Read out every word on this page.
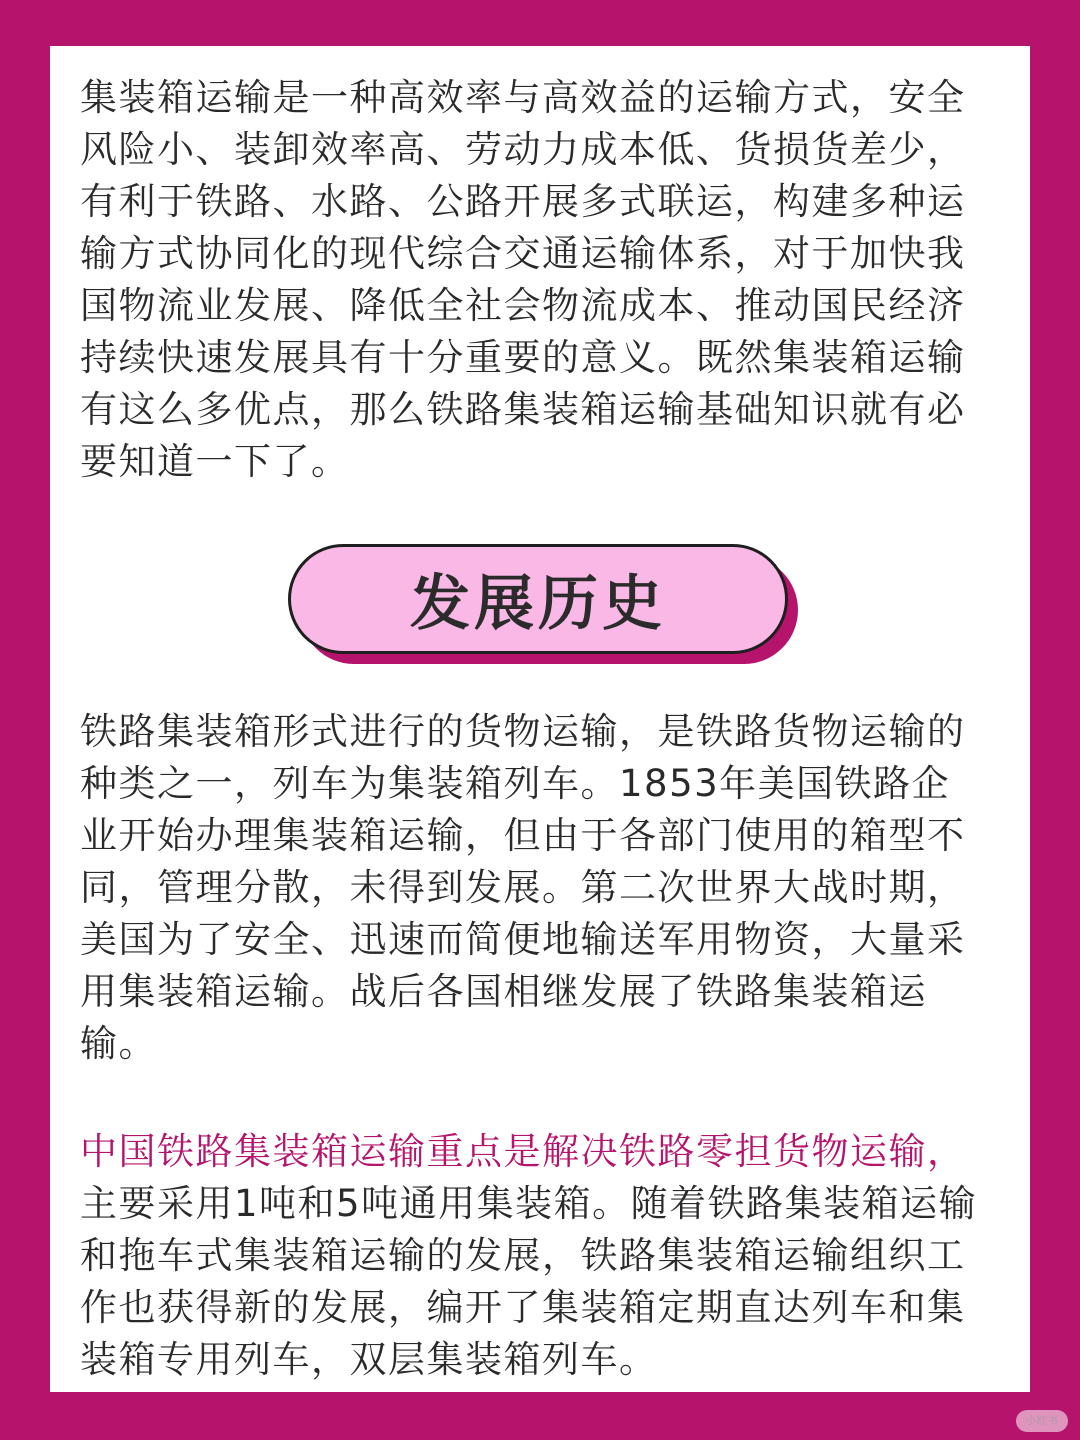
集装箱运输是一种高效率与高效益的运输方式，安全
风险小、装卸效率高、劳动力成本低、货损货差少，
有利于铁路、水路、公路开展多式联运，构建多种运
输方式协同化的现代综合交通运输体系，对于加快我
国物流业发展、降低全社会物流成本、推动国民经济
持续快速发展具有十分重要的意义。既然集装箱运输
有这么多优点，那么铁路集装箱运输基础知识就有必
要知道一下了。

发展历史

铁路集装箱形式进行的货物运输，是铁路货物运输的
种类之一，列车为集装箱列车。1853年美国铁路企
业开始办理集装箱运输，但由于各部门使用的箱型不
同，管理分散，未得到发展。第二次世界大战时期，
美国为了安全、迅速而简便地输送军用物资，大量采
用集装箱运输。战后各国相继发展了铁路集装箱运
输。

中国铁路集装箱运输重点是解决铁路零担货物运输，
主要采用1吨和5吨通用集装箱。随着铁路集装箱运输
和拖车式集装箱运输的发展，铁路集装箱运输组织工
作也获得新的发展，编开了集装箱定期直达列车和集
装箱专用列车，双层集装箱列车。

小红书
